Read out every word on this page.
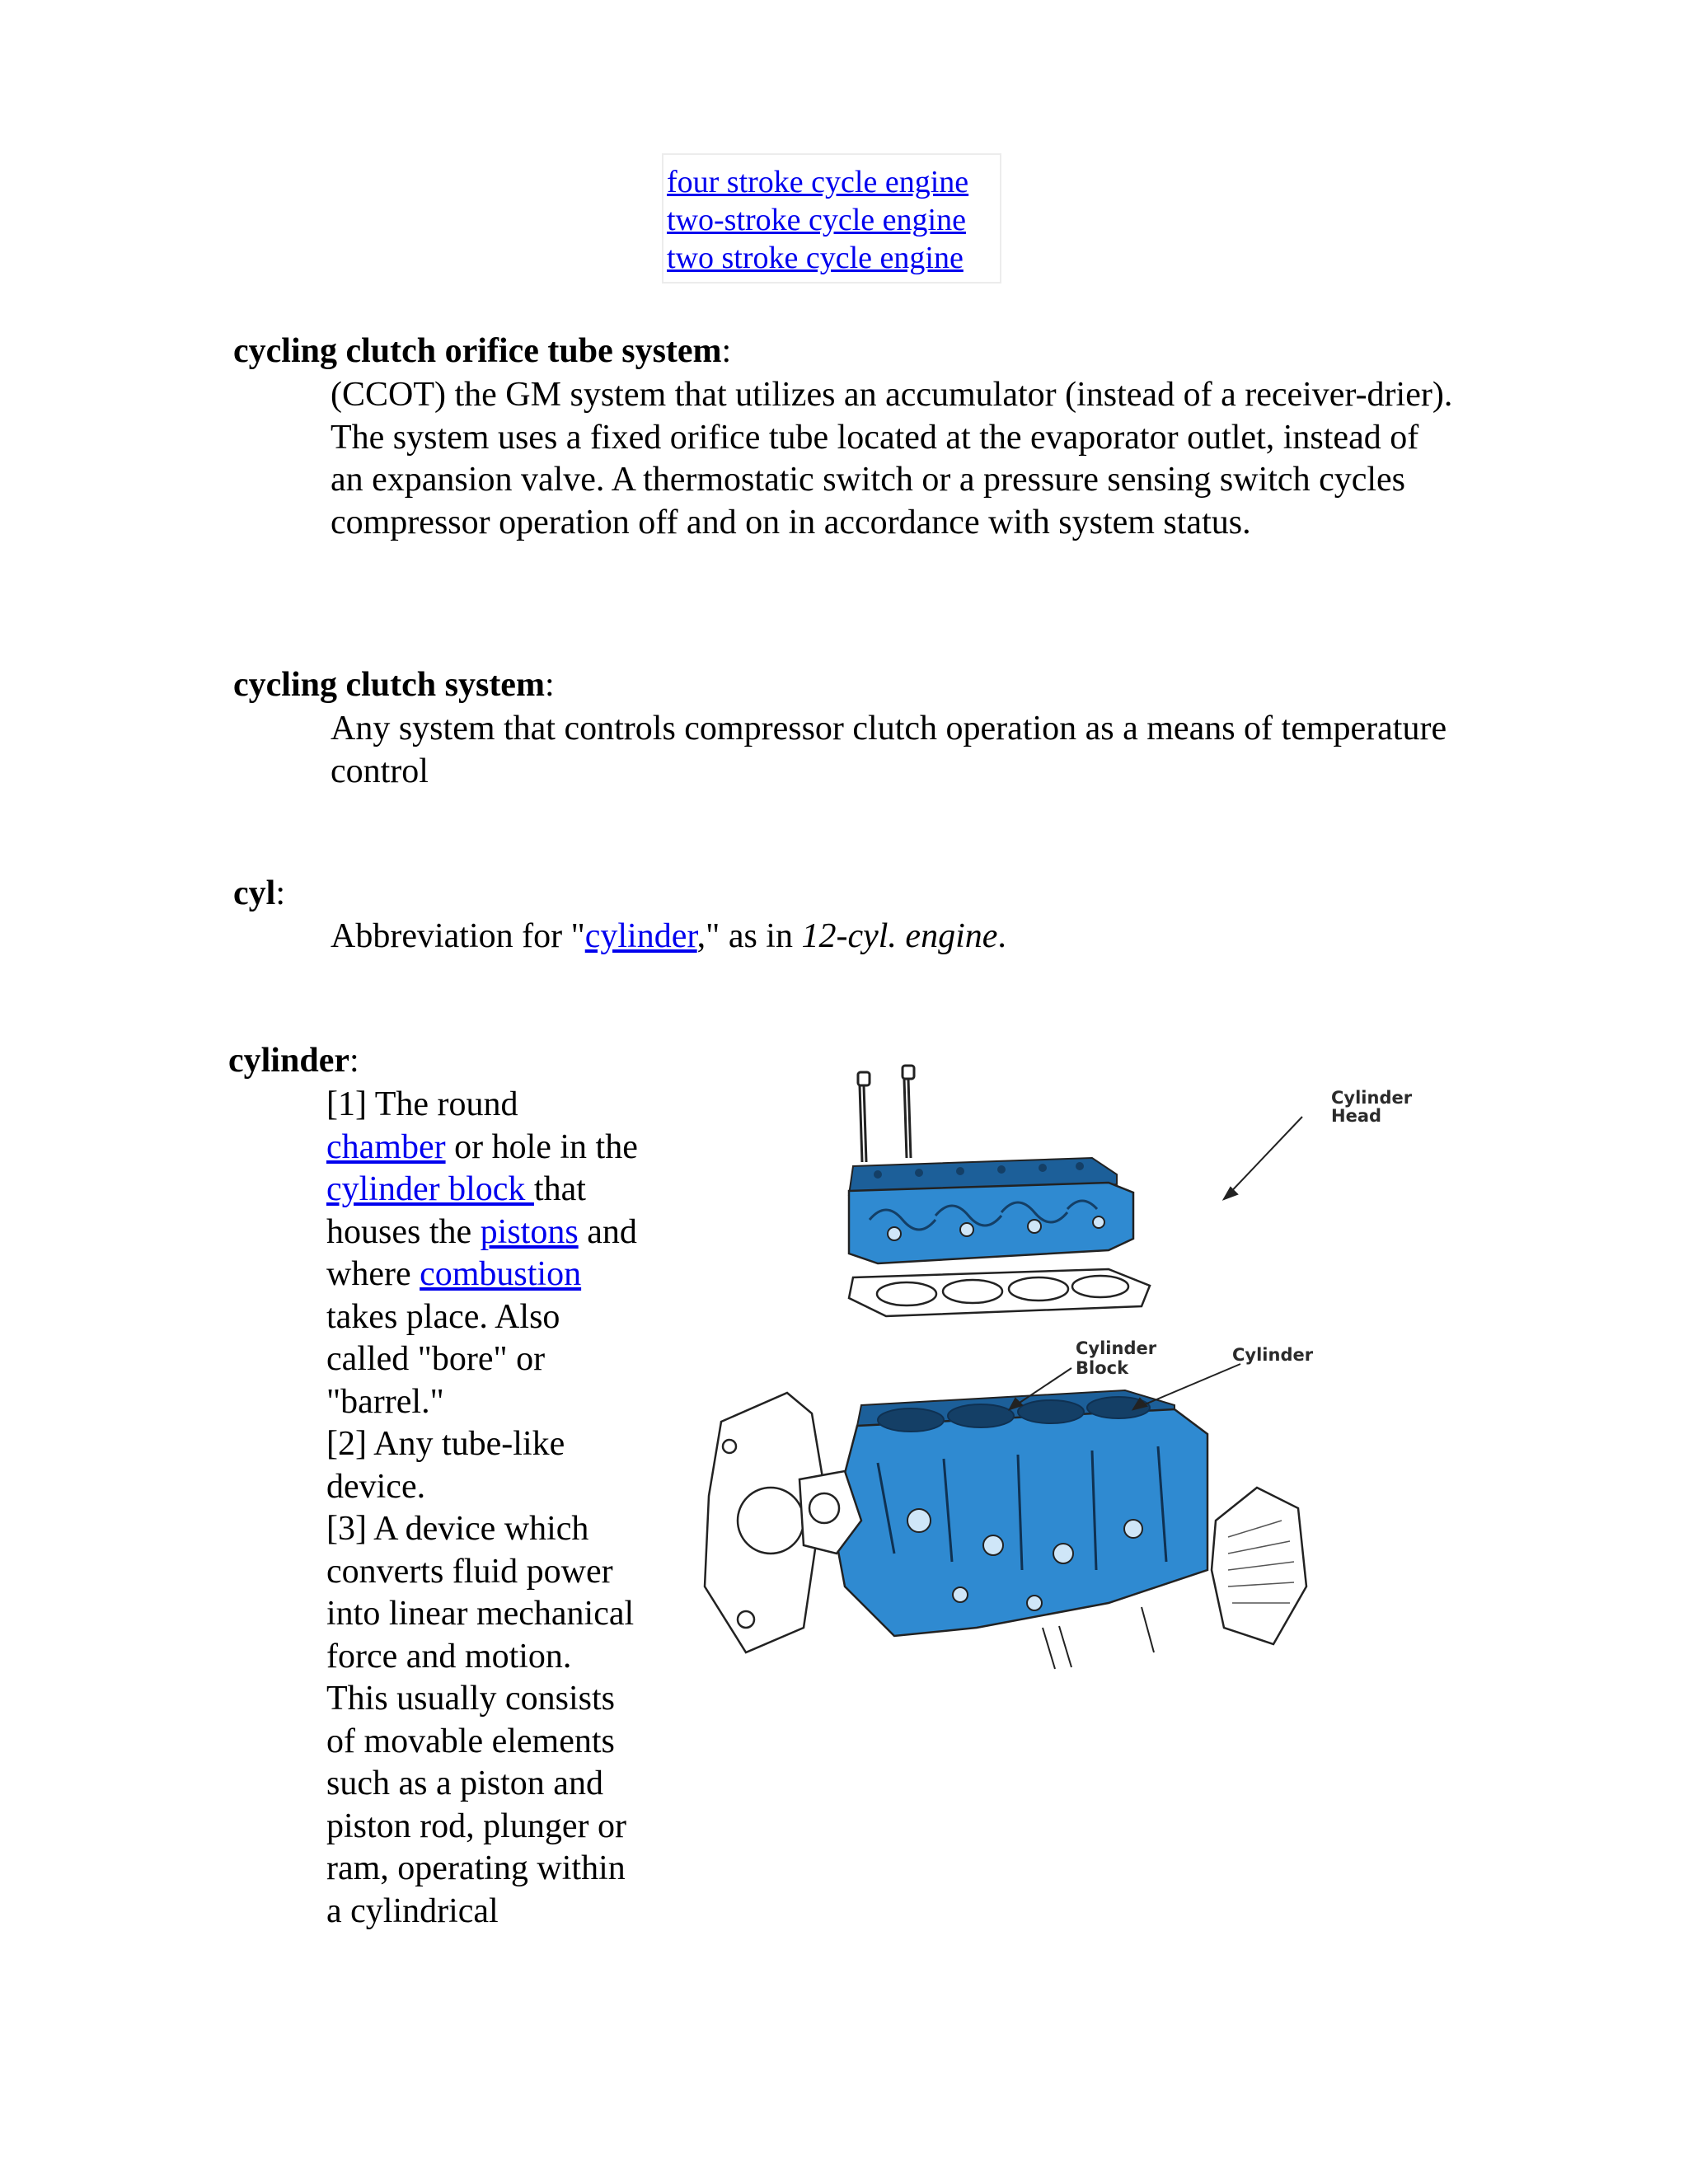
four stroke cycle engine
two-stroke cycle engine
two stroke cycle engine
cycling clutch orifice tube system:
(CCOT) the GM system that utilizes an accumulator (instead of a receiver-drier). The system uses a fixed orifice tube located at the evaporator outlet, instead of an expansion valve. A thermostatic switch or a pressure sensing switch cycles compressor operation off and on in accordance with system status.
cycling clutch system:
Any system that controls compressor clutch operation as a means of temperature control
cyl:
Abbreviation for "cylinder," as in 12-cyl. engine.
cylinder:
[1] The round chamber or hole in the cylinder block that houses the pistons and where combustion takes place. Also called "bore" or "barrel."
[2] Any tube-like device.
[3] A device which converts fluid power into linear mechanical force and motion. This usually consists of movable elements such as a piston and piston rod, plunger or ram, operating within a cylindrical
Cylinder
Head
Cylinder
Block
Cylinder
